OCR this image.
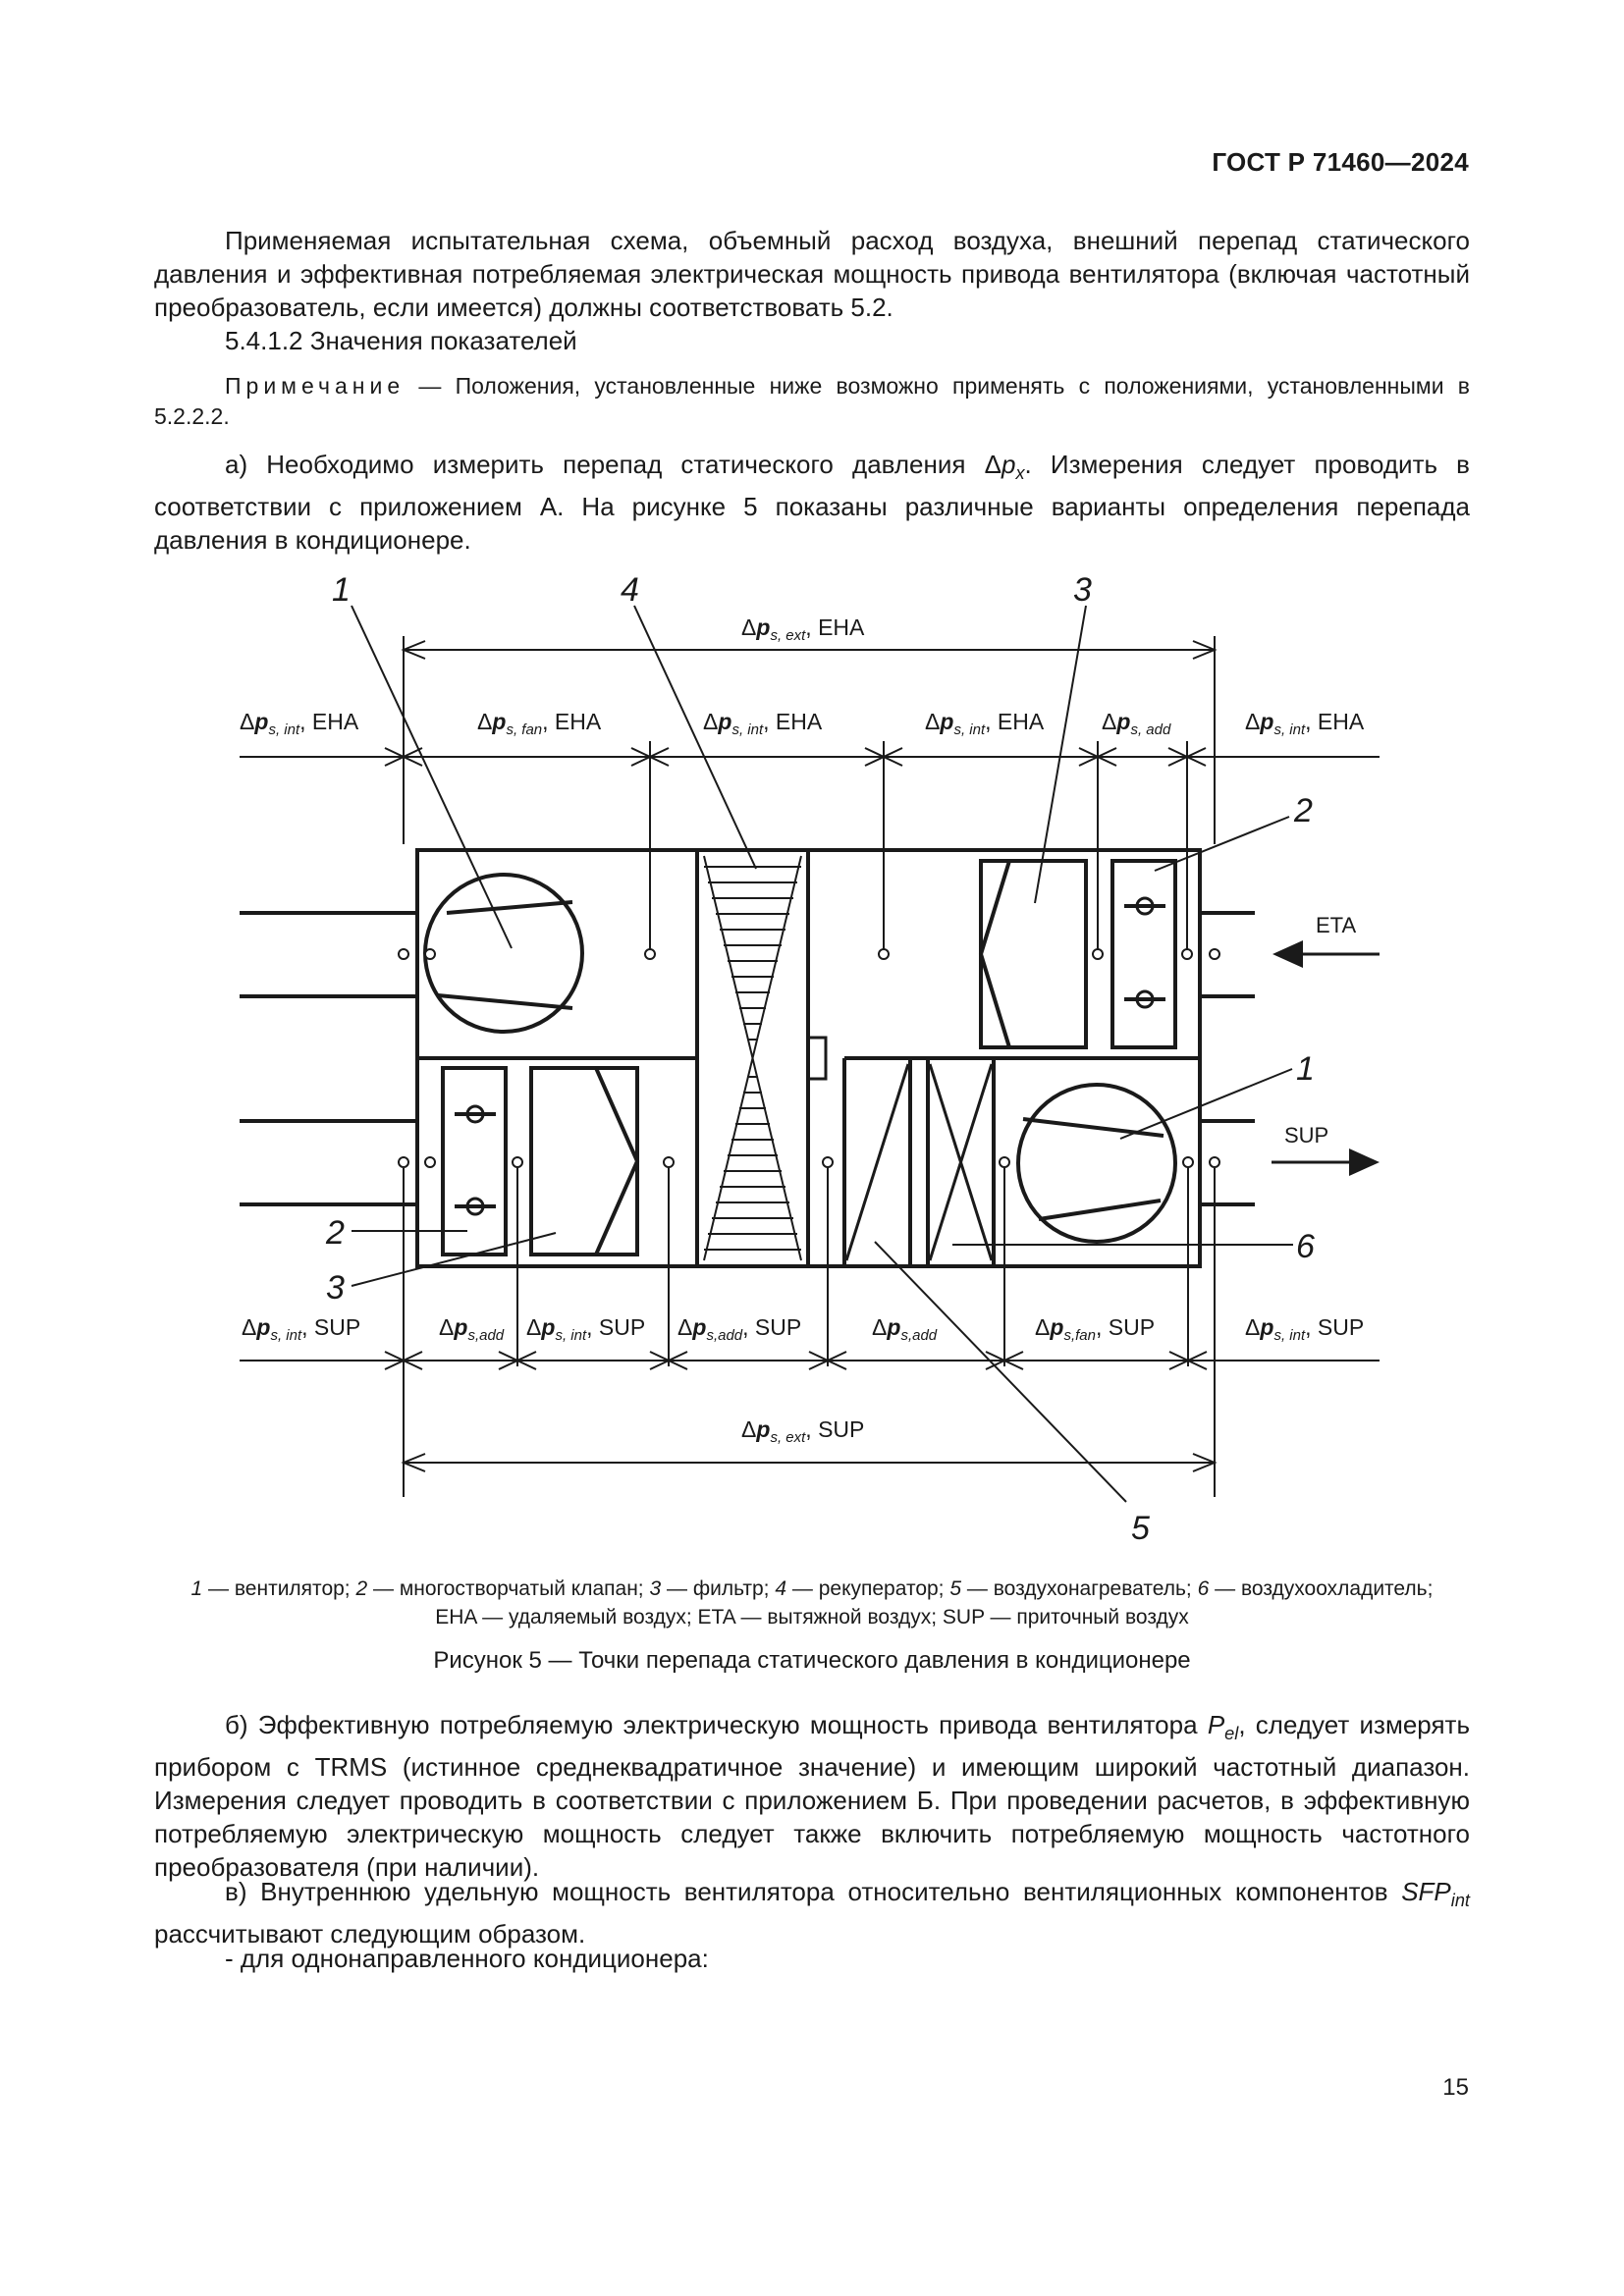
ГОСТ Р 71460—2024
Применяемая испытательная схема, объемный расход воздуха, внешний перепад статического давления и эффективная потребляемая электрическая мощность привода вентилятора (включая частотный преобразователь, если имеется) должны соответствовать 5.2.
5.4.1.2 Значения показателей
Примечание — Положения, установленные ниже возможно применять с положениями, установленными в 5.2.2.2.
а) Необходимо измерить перепад статического давления $\Delta p_x$. Измерения следует проводить в соответствии с приложением А. На рисунке 5 показаны различные варианты определения перепада давления в кондиционере.
1	4	3
2
1
6
5
2
3
$\Delta p_{s, ext}$, EHA
$\Delta p_{s, int}$, EHA	$\Delta p_{s, fan}$, EHA	$\Delta p_{s, int}$, EHA	$\Delta p_{s, int}$, EHA	$\Delta p_{s, add}$	$\Delta p_{s, int}$, EHA
$\Delta p_{s, int}$, SUP	$\Delta p_{s,add}$ $\Delta p_{s, int}$, SUP $\Delta p_{s,add}$, SUP	$\Delta p_{s,add}$	$\Delta p_{s,fan}$, SUP	$\Delta p_{s, int}$, SUP
$\Delta p_{s, ext}$, SUP
ETA
SUP
1 — вентилятор; 2 — многостворчатый клапан; 3 — фильтр; 4 — рекуператор; 5 — воздухонагреватель; 6 — воздухоохладитель;
EHA — удаляемый воздух; ETA — вытяжной воздух; SUP — приточный воздух
Рисунок 5 — Точки перепада статического давления в кондиционере
б) Эффективную потребляемую электрическую мощность привода вентилятора $P_{el}$, следует измерять прибором с TRMS (истинное среднеквадратичное значение) и имеющим широкий частотный диапазон. Измерения следует проводить в соответствии с приложением Б. При проведении расчетов, в эффективную потребляемую электрическую мощность следует также включить потребляемую мощность частотного преобразователя (при наличии).
в) Внутреннюю удельную мощность вентилятора относительно вентиляционных компонентов $SFP_{int}$ рассчитывают следующим образом.
- для однонаправленного кондиционера:
15
